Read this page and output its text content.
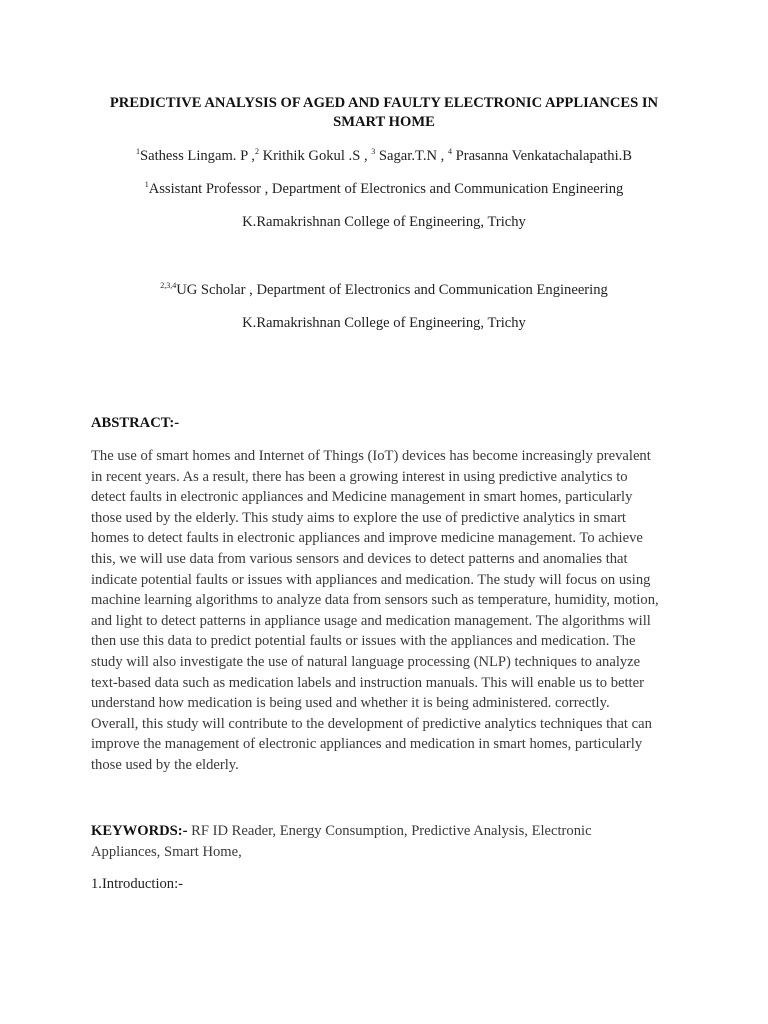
PREDICTIVE ANALYSIS OF AGED AND FAULTY ELECTRONIC APPLIANCES IN
SMART HOME
$^1$Sathess Lingam. P ,$^2$ Krithik Gokul .S , $^3$ Sagar.T.N , $^4$ Prasanna Venkatachalapathi.B
$^1$Assistant Professor , Department of Electronics and Communication Engineering
K.Ramakrishnan College of Engineering, Trichy
$^{2,3,4}$UG Scholar , Department of Electronics and Communication Engineering
K.Ramakrishnan College of Engineering, Trichy
ABSTRACT:-
The use of smart homes and Internet of Things (IoT) devices has become increasingly prevalent
in recent years. As a result, there has been a growing interest in using predictive analytics to
detect faults in electronic appliances and Medicine management in smart homes, particularly
those used by the elderly. This study aims to explore the use of predictive analytics in smart
homes to detect faults in electronic appliances and improve medicine management. To achieve
this, we will use data from various sensors and devices to detect patterns and anomalies that
indicate potential faults or issues with appliances and medication. The study will focus on using
machine learning algorithms to analyze data from sensors such as temperature, humidity, motion,
and light to detect patterns in appliance usage and medication management. The algorithms will
then use this data to predict potential faults or issues with the appliances and medication. The
study will also investigate the use of natural language processing (NLP) techniques to analyze
text-based data such as medication labels and instruction manuals. This will enable us to better
understand how medication is being used and whether it is being administered. correctly.
Overall, this study will contribute to the development of predictive analytics techniques that can
improve the management of electronic appliances and medication in smart homes, particularly
those used by the elderly.
KEYWORDS:- RF ID Reader, Energy Consumption, Predictive Analysis, Electronic
Appliances, Smart Home,
1.Introduction:-
